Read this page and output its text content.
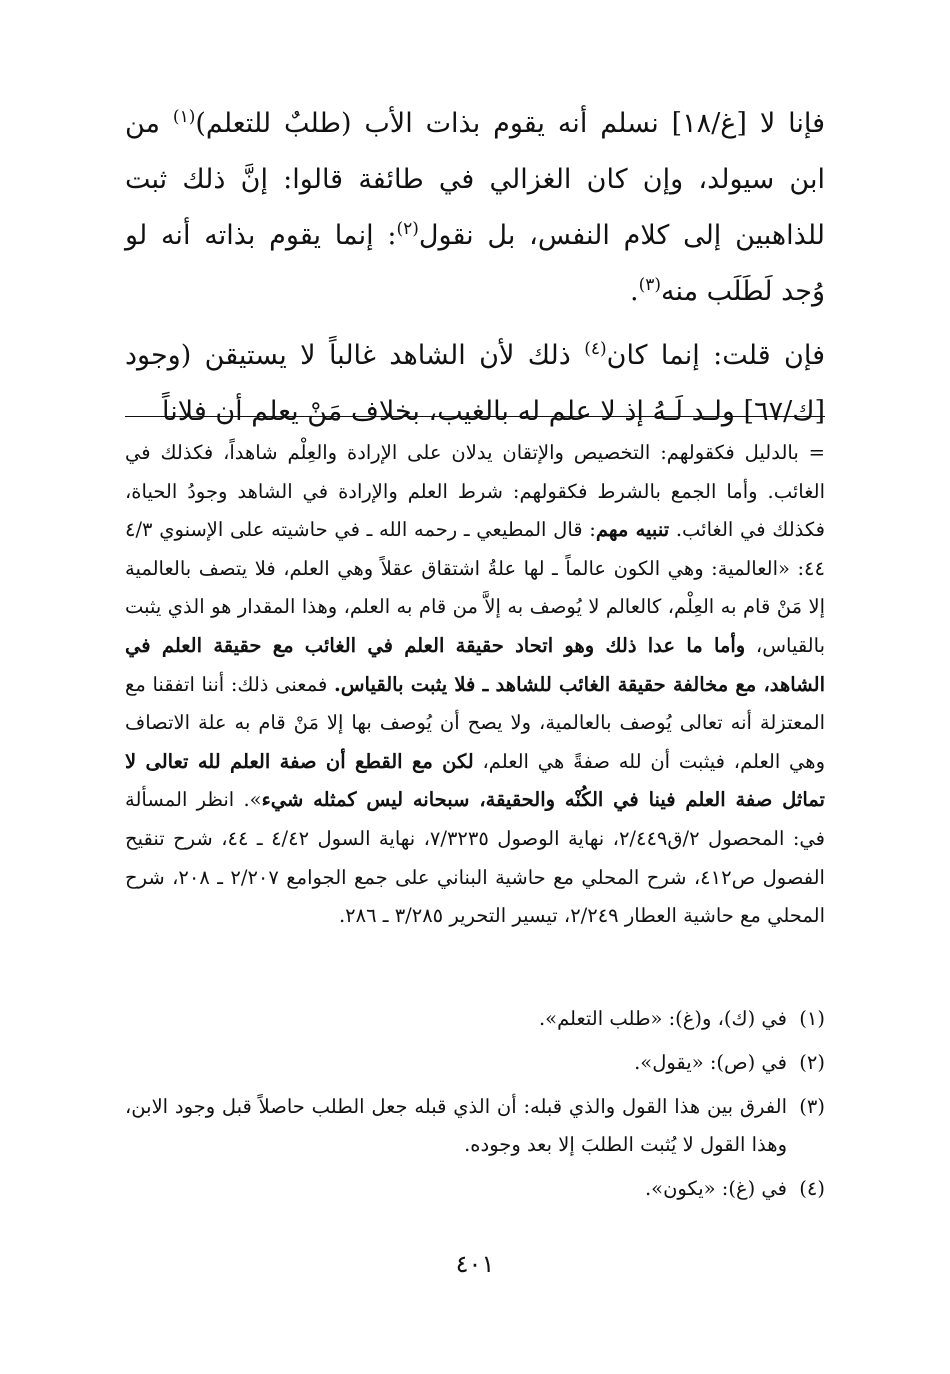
فإنا لا [غ/١٨] نسلم أنه يقوم بذات الأب (طلبٌ للتعلم)$^{(١)}$ من ابن سيولد، وإن كان الغزالي في طائفة قالوا: إنَّ ذلك ثبت للذاهبين إلى كلام النفس، بل نقول$^{(٢)}$: إنما يقوم بذاته أنه لو وُجد لَطَلَب منه$^{(٣)}$.

فإن قلت: إنما كان$^{(٤)}$ ذلك لأن الشاهد غالباً لا يستيقن (وجود [ك/٦٧] ولـد لَـهُ إذ لا علم له بالغيب، بخلاف مَنْ يعلم أن فلاناً

= بالدليل فكقولهم: التخصيص والإتقان يدلان على الإرادة والعِلْم شاهداً، فكذلك في الغائب. وأما الجمع بالشرط فكقولهم: شرط العلم والإرادة في الشاهد وجودُ الحياة، فكذلك في الغائب. تنبيه مهم: قال المطيعي ـ رحمه الله ـ في حاشيته على الإسنوي ٤/٣ ٤٤: «العالمية: وهي الكون عالماً ـ لها علةُ اشتقاق عقلاً وهي العلم، فلا يتصف بالعالمية إلا مَنْ قام به العِلْم، كالعالم لا يُوصف به إلاَّ من قام به العلم، وهذا المقدار هو الذي يثبت بالقياس، وأما ما عدا ذلك وهو اتحاد حقيقة العلم في الغائب مع حقيقة العلم في الشاهد، مع مخالفة حقيقة الغائب للشاهد ـ فلا يثبت بالقياس. فمعنى ذلك: أننا اتفقنا مع المعتزلة أنه تعالى يُوصف بالعالمية، ولا يصح أن يُوصف بها إلا مَنْ قام به علة الاتصاف وهي العلم، فيثبت أن لله صفةً هي العلم، لكن مع القطع أن صفة العلم لله تعالى لا تماثل صفة العلم فينا في الكُنْه والحقيقة، سبحانه ليس كمثله شيء». انظر المسألة في: المحصول ٢/ق٢/٤٤٩، نهاية الوصول ٧/٣٢٣٥، نهاية السول ٤/٤٢ ـ ٤٤، شرح تنقيح الفصول ص٤١٢، شرح المحلي مع حاشية البناني على جمع الجوامع ٢/٢٠٧ ـ ٢٠٨، شرح المحلي مع حاشية العطار ٢/٢٤٩، تيسير التحرير ٣/٢٨٥ ـ ٢٨٦.

(١)
في (ك)، و(غ): «طلب التعلم».
(٢)
في (ص): «يقول».
(٣)
الفرق بين هذا القول والذي قبله: أن الذي قبله جعل الطلب حاصلاً قبل وجود الابن، وهذا القول لا يُثبت الطلبَ إلا بعد وجوده.
(٤)
في (غ): «يكون».
٤٠١
